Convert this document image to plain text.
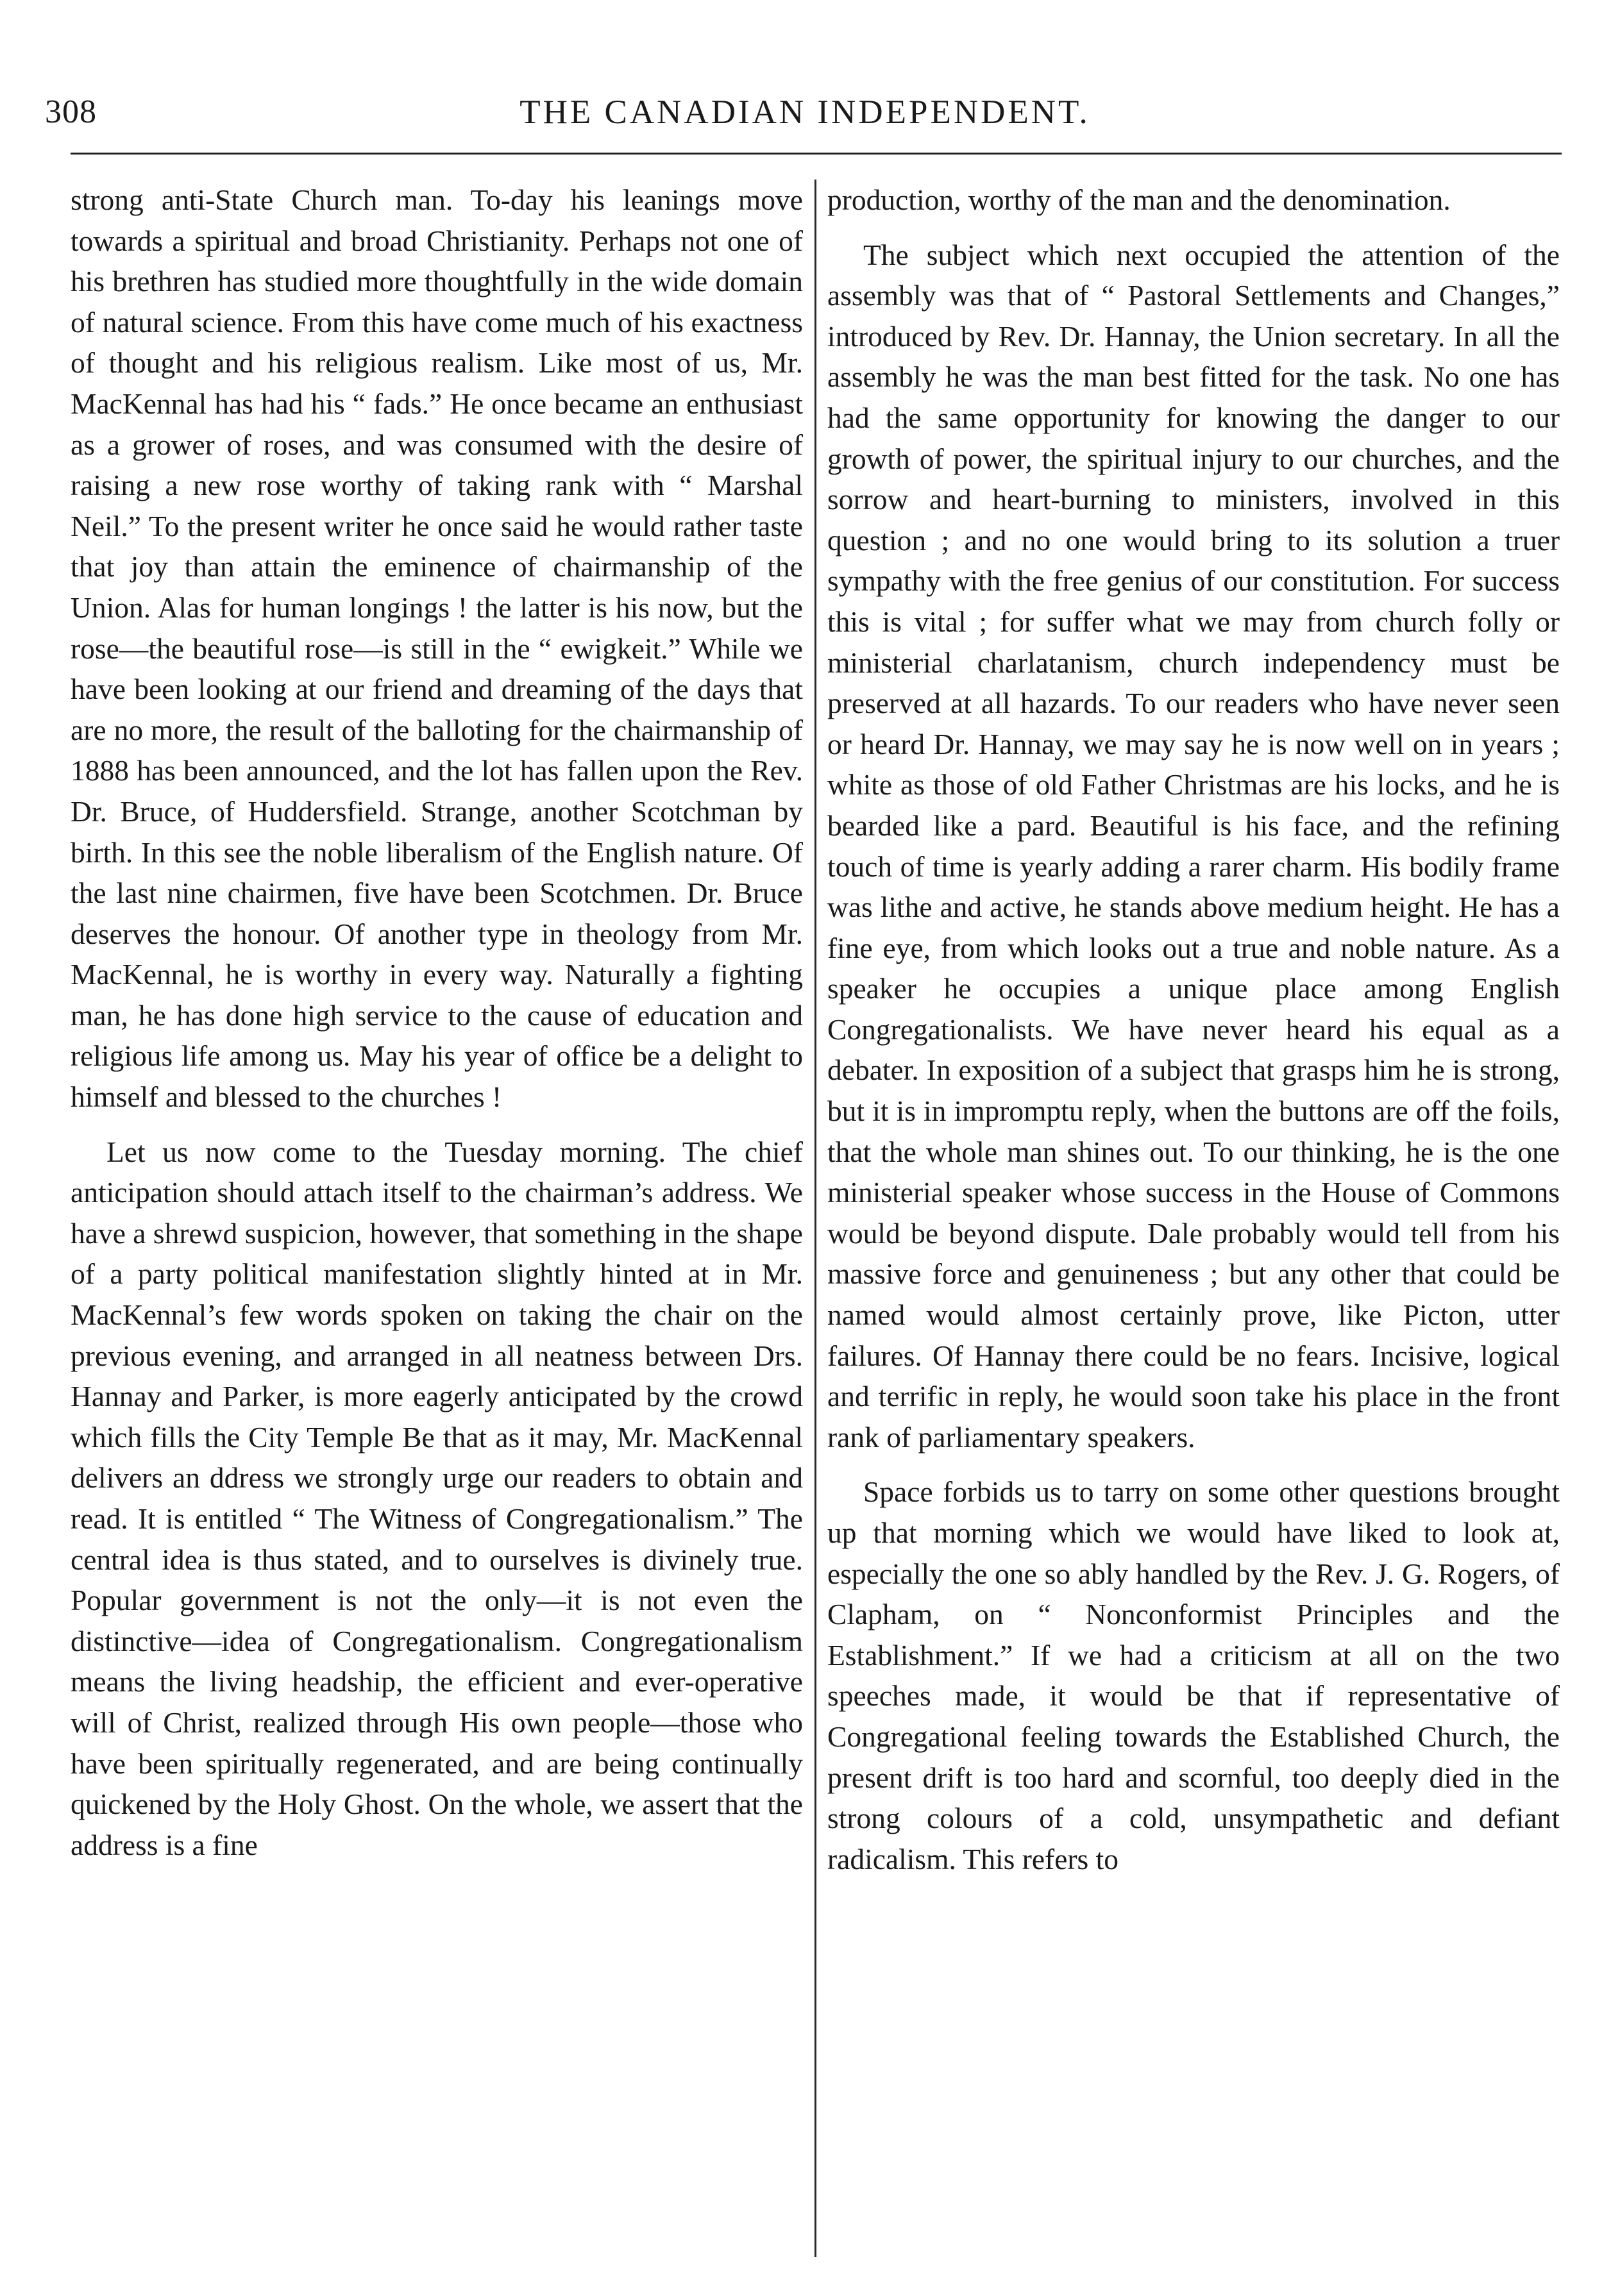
308	THE CANADIAN INDEPENDENT.

strong anti-State Church man. To-day his leanings move towards a spiritual and broad Christianity. Perhaps not one of his brethren has studied more thoughtfully in the wide domain of natural science. From this have come much of his exactness of thought and his religious realism. Like most of us, Mr. MacKennal has had his “ fads.” He once became an enthusiast as a grower of roses, and was consumed with the desire of raising a new rose worthy of taking rank with “ Marshal Neil.” To the present writer he once said he would rather taste that joy than attain the eminence of chairmanship of the Union. Alas for human longings ! the latter is his now, but the rose—the beautiful rose—is still in the “ ewigkeit.” While we have been looking at our friend and dreaming of the days that are no more, the result of the balloting for the chairmanship of 1888 has been announced, and the lot has fallen upon the Rev. Dr. Bruce, of Huddersfield. Strange, another Scotchman by birth. In this see the noble liberalism of the English nature. Of the last nine chairmen, five have been Scotchmen. Dr. Bruce deserves the honour. Of another type in theology from Mr. MacKennal, he is worthy in every way. Naturally a fighting man, he has done high service to the cause of education and religious life among us. May his year of office be a delight to himself and blessed to the churches !

Let us now come to the Tuesday morning. The chief anticipation should attach itself to the chairman’s address. We have a shrewd suspicion, however, that something in the shape of a party political manifestation slightly hinted at in Mr. MacKennal’s few words spoken on taking the chair on the previous evening, and arranged in all neatness between Drs. Hannay and Parker, is more eagerly anticipated by the crowd which fills the City Temple Be that as it may, Mr. MacKennal delivers an ddress we strongly urge our readers to obtain and read. It is entitled “ The Witness of Congregationalism.” The central idea is thus stated, and to ourselves is divinely true. Popular government is not the only—it is not even the distinctive—idea of Congregationalism. Congregationalism means the living headship, the efficient and ever-operative will of Christ, realized through His own people—those who have been spiritually regenerated, and are being continually quickened by the Holy Ghost. On the whole, we assert that the address is a fine

production, worthy of the man and the denomination.

The subject which next occupied the attention of the assembly was that of “ Pastoral Settlements and Changes,” introduced by Rev. Dr. Hannay, the Union secretary. In all the assembly he was the man best fitted for the task. No one has had the same opportunity for knowing the danger to our growth of power, the spiritual injury to our churches, and the sorrow and heart-burning to ministers, involved in this question ; and no one would bring to its solution a truer sympathy with the free genius of our constitution. For success this is vital ; for suffer what we may from church folly or ministerial charlatanism, church independency must be preserved at all hazards. To our readers who have never seen or heard Dr. Hannay, we may say he is now well on in years ; white as those of old Father Christmas are his locks, and he is bearded like a pard. Beautiful is his face, and the refining touch of time is yearly adding a rarer charm. His bodily frame was lithe and active, he stands above medium height. He has a fine eye, from which looks out a true and noble nature. As a speaker he occupies a unique place among English Congregationalists. We have never heard his equal as a debater. In exposition of a subject that grasps him he is strong, but it is in impromptu reply, when the buttons are off the foils, that the whole man shines out. To our thinking, he is the one ministerial speaker whose success in the House of Commons would be beyond dispute. Dale probably would tell from his massive force and genuineness ; but any other that could be named would almost certainly prove, like Picton, utter failures. Of Hannay there could be no fears. Incisive, logical and terrific in reply, he would soon take his place in the front rank of parliamentary speakers.

Space forbids us to tarry on some other questions brought up that morning which we would have liked to look at, especially the one so ably handled by the Rev. J. G. Rogers, of Clapham, on “ Nonconformist Principles and the Establishment.” If we had a criticism at all on the two speeches made, it would be that if representative of Congregational feeling towards the Established Church, the present drift is too hard and scornful, too deeply died in the strong colours of a cold, unsympathetic and defiant radicalism. This refers to
